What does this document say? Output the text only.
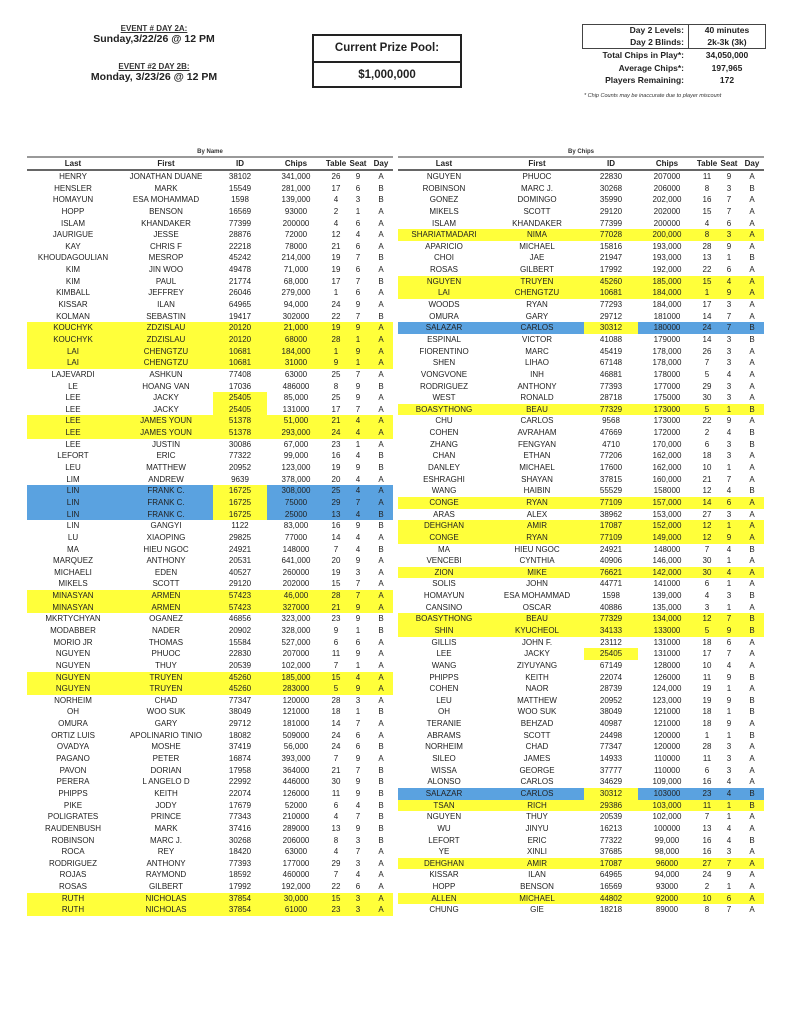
EVENT # DAY 2A:
Sunday,3/22/26 @ 12 PM
EVENT #2 DAY 2B:
Monday, 3/23/26 @ 12 PM
Current Prize Pool:
$1,000,000
Day 2 Levels:	40 minutes
Day 2 Blinds:	2k-3k (3k)
Total Chips in Play*:	34,050,000
Average Chips*:	197,965
Players Remaining:	172
* Chip Counts may be inaccurate due to player miscount
By Name
Last	First	ID	Chips	Table Seat Day
HENRY	JONATHAN DUANE	38102	341,000	26	9	A
HENSLER	MARK	15549	281,000	17	6	B
HOMAYUN	ESA MOHAMMAD	1598	139,000	4	3	B
HOPP	BENSON	16569	93000	2	1	A
ISLAM	KHANDAKER	77399	200000	4	6	A
JAURIGUE	JESSE	28876	72000	12	4	A
KAY	CHRIS F	22218	78000	21	6	A
KHOUDAGOULIAN	MESROP	45242	214,000	19	7	B
KIM	JIN WOO	49478	71,000	19	6	A
KIM	PAUL	21774	68,000	17	7	B
KIMBALL	JEFFREY	26046	279,000	1	6	A
KISSAR	ILAN	64965	94,000	24	9	A
KOLMAN	SEBASTIN	19417	302000	22	7	B
KOUCHYK	ZDZISLAU	20120	21,000	19	9	A
KOUCHYK	ZDZISLAU	20120	68000	28	1	A
LAI	CHENGTZU	10681	184,000	1	9	A
LAI	CHENGTZU	10681	31000	9	1	A
LAJEVARDI	ASHKUN	77408	63000	25	7	A
LE	HOANG VAN	17036	486000	8	9	B
LEE	JACKY	25405	85,000	25	9	A
LEE	JACKY	25405	131000	17	7	A
LEE	JAMES YOUN	51378	51,000	21	4	A
LEE	JAMES YOUN	51378	293,000	24	4	A
LEE	JUSTIN	30086	67,000	23	1	A
LEFORT	ERIC	77322	99,000	16	4	B
LEU	MATTHEW	20952	123,000	19	9	B
LIM	ANDREW	9639	378,000	20	4	A
LIN	FRANK C.	16725	308,000	25	4	A
LIN	FRANK C.	16725	75000	29	7	A
LIN	FRANK C.	16725	25000	13	4	B
LIN	GANGYI	1122	83,000	16	9	B
LU	XIAOPING	29825	77000	14	4	A
MA	HIEU NGOC	24921	148000	7	4	B
MARQUEZ	ANTHONY	20531	641,000	20	9	A
MICHAELI	EDEN	40527	260000	19	3	A
MIKELS	SCOTT	29120	202000	15	7	A
MINASYAN	ARMEN	57423	46,000	28	7	A
MINASYAN	ARMEN	57423	327000	21	9	A
MKRTYCHYAN	OGANEZ	46856	323,000	23	9	B
MODABBER	NADER	20902	328,000	9	1	B
MORIO JR	THOMAS	15584	527,000	6	6	A
NGUYEN	PHUOC	22830	207000	11	9	A
NGUYEN	THUY	20539	102,000	7	1	A
NGUYEN	TRUYEN	45260	185,000	15	4	A
NGUYEN	TRUYEN	45260	283000	5	9	A
NORHEIM	CHAD	77347	120000	28	3	A
OH	WOO SUK	38049	121000	18	1	B
OMURA	GARY	29712	181000	14	7	A
ORTIZ LUIS	APOLINARIO TINIO	18082	509000	24	6	A
OVADYA	MOSHE	37419	56,000	24	6	B
PAGANO	PETER	16874	393,000	7	9	A
PAVON	DORIAN	17958	364000	21	7	B
PERERA	L ANGELO D	22992	446000	30	9	B
PHIPPS	KEITH	22074	126000	11	9	B
PIKE	JODY	17679	52000	6	4	B
POLIGRATES	PRINCE	77343	210000	4	7	B
RAUDENBUSH	MARK	37416	289000	13	9	B
ROBINSON	MARC J.	30268	206000	8	3	B
ROCA	REY	18420	63000	4	7	A
RODRIGUEZ	ANTHONY	77393	177000	29	3	A
ROJAS	RAYMOND	18592	460000	7	4	A
ROSAS	GILBERT	17992	192,000	22	6	A
RUTH	NICHOLAS	37854	30,000	15	3	A
RUTH	NICHOLAS	37854	61000	23	3	A
By Chips
Last	First	ID	Chips	Table Seat Day
NGUYEN	PHUOC	22830	207000	11	9	A
ROBINSON	MARC J.	30268	206000	8	3	B
GONEZ	DOMINGO	35990	202,000	16	7	A
MIKELS	SCOTT	29120	202000	15	7	A
ISLAM	KHANDAKER	77399	200000	4	6	A
SHARIATMADARI	NIMA	77028	200,000	8	3	A
APARICIO	MICHAEL	15816	193,000	28	9	A
CHOI	JAE	21947	193,000	13	1	B
ROSAS	GILBERT	17992	192,000	22	6	A
NGUYEN	TRUYEN	45260	185,000	15	4	A
LAI	CHENGTZU	10681	184,000	1	9	A
WOODS	RYAN	77293	184,000	17	3	A
OMURA	GARY	29712	181000	14	7	A
SALAZAR	CARLOS	30312	180000	24	7	B
ESPINAL	VICTOR	41088	179000	14	3	B
FIORENTINO	MARC	45419	178,000	26	3	A
SHEN	LIHAO	67148	178,000	7	3	A
VONGVONE	INH	46881	178000	5	4	A
RODRIGUEZ	ANTHONY	77393	177000	29	3	A
WEST	RONALD	28718	175000	30	3	A
BOASYTHONG	BEAU	77329	173000	5	1	B
CHU	CARLOS	9568	173000	22	9	A
COHEN	AVRAHAM	47669	172000	2	4	B
ZHANG	FENGYAN	4710	170,000	6	3	B
CHAN	ETHAN	77206	162,000	18	3	A
DANLEY	MICHAEL	17600	162,000	10	1	A
ESHRAGHI	SHAYAN	37815	160,000	21	7	A
WANG	HAIBIN	55529	158000	12	4	B
CONGE	RYAN	77109	157,000	14	6	A
ARAS	ALEX	38962	153,000	27	3	A
DEHGHAN	AMIR	17087	152,000	12	1	A
CONGE	RYAN	77109	149,000	12	9	A
MA	HIEU NGOC	24921	148000	7	4	B
VENCEBI	CYNTHIA	40906	146,000	30	1	A
ZION	MIKE	76621	142,000	30	4	A
SOLIS	JOHN	44771	141000	6	1	A
HOMAYUN	ESA MOHAMMAD	1598	139,000	4	3	B
CANSINO	OSCAR	40886	135,000	3	1	A
BOASYTHONG	BEAU	77329	134,000	12	7	B
SHIN	KYUCHEOL	34133	133000	5	9	B
GILLIS	JOHN F.	23112	131000	18	6	A
LEE	JACKY	25405	131000	17	7	A
WANG	ZIYUYANG	67149	128000	10	4	A
PHIPPS	KEITH	22074	126000	11	9	B
COHEN	NAOR	28739	124,000	19	1	A
LEU	MATTHEW	20952	123,000	19	9	B
OH	WOO SUK	38049	121000	18	1	B
TERANIE	BEHZAD	40987	121000	18	9	A
ABRAMS	SCOTT	24498	120000	1	1	B
NORHEIM	CHAD	77347	120000	28	3	A
SILEO	JAMES	14933	110000	11	3	A
WISSA	GEORGE	37777	110000	6	3	A
ALONSO	CARLOS	34629	109,000	16	4	A
SALAZAR	CARLOS	30312	103000	23	4	B
TSAN	RICH	29386	103,000	11	1	B
NGUYEN	THUY	20539	102,000	7	1	A
WU	JINYU	16213	100000	13	4	A
LEFORT	ERIC	77322	99,000	16	4	B
YE	XINLI	37685	98,000	16	3	A
DEHGHAN	AMIR	17087	96000	27	7	A
KISSAR	ILAN	64965	94,000	24	9	A
HOPP	BENSON	16569	93000	2	1	A
ALLEN	MICHAEL	44802	92000	10	6	A
CHUNG	GIE	18218	89000	8	7	A
